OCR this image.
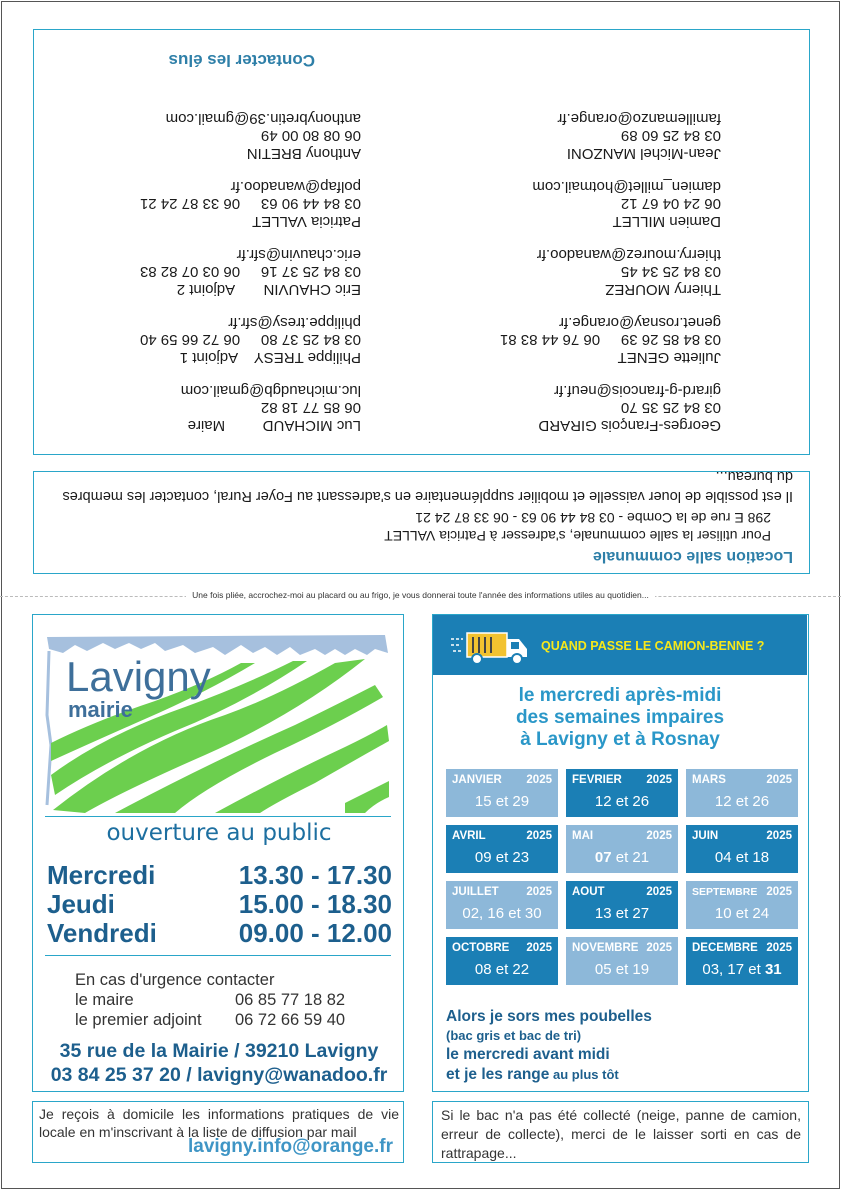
Georges-François GIRARD
03 84 25 35 70
girard-g-francois@neuf.fr
Juliette GENET
03 84 85 26 39     06 76 44 83 81
genet.rosnay@orange.fr
Thierry MOUREZ
03 84 25 34 45
thierry.mourez@wanadoo.fr
Damien MILLET
06 24 04 67 12
damien_millet@hotmail.com
Jean-Michel MANZONI
03 84 25 60 89
famillemanzo@orange.fr
Luc MICHAUD         Maire
06 85 77 18 82
luc.michaudgb@gmail.com
Philippe TRESY    Adjoint 1
03 84 25 37 80     06 72 66 59 40
philippe.tresy@sfr.fr
Eric CHAUVIN       Adjoint 2
03 84 25 37 16     06 03 07 82 83
eric.chauvin@sfr.fr
Patricia VALLET
03 84 44 90 63     06 33 87 24 21
polfap@wanadoo.fr
Anthony BRETIN
06 08 80 00 49
anthonybretin.39@gmail.com
Contacter les élus
Location salle communale
Pour utiliser la salle communale, s'adresser à Patricia VALLET
298 E rue de la Combe - 03 84 44 90 63 - 06 33 87 24 21
Il est possible de louer vaisselle et mobilier supplémentaire en s'adressant au Foyer Rural, contacter les membres du bureau...
Une fois pliée, accrochez-moi au placard ou au frigo, je vous donnerai toute l'année des informations utiles au quotidien...
Lavigny
mairie
ouverture au public
Mercredi	13.30 - 17.30
Jeudi	15.00 - 18.30
Vendredi	09.00 - 12.00
En cas d'urgence contacter
le maire	06 85 77 18 82
le premier adjoint	06 72 66 59 40
35 rue de la Mairie / 39210 Lavigny
03 84 25 37 20 / lavigny@wanadoo.fr
Je reçois à domicile les informations pratiques de vie locale en m'inscrivant à la liste de diffusion par mail
lavigny.info@orange.fr
QUAND PASSE LE CAMION-BENNE ?
le mercredi après-midi
des semaines impaires
à Lavigny et à Rosnay
JANVIER 2025
15 et 29
FEVRIER 2025
12 et 26
MARS	2025
12 et 26
AVRIL	2025
09 et 23
MAI	2025
07 et 21
JUIN	2025
04 et 18
JUILLET 2025
02, 16 et 30
AOUT	2025
13 et 27
SEPTEMBRE 2025
10 et 24
OCTOBRE 2025
08 et 22
NOVEMBRE 2025
05 et 19
DECEMBRE 2025
03, 17 et 31
Alors je sors mes poubelles
(bac gris et bac de tri)
le mercredi avant midi
et je les range au plus tôt
Si le bac n'a pas été collecté (neige, panne de camion, erreur de collecte), merci de le laisser sorti en cas de rattrapage...
